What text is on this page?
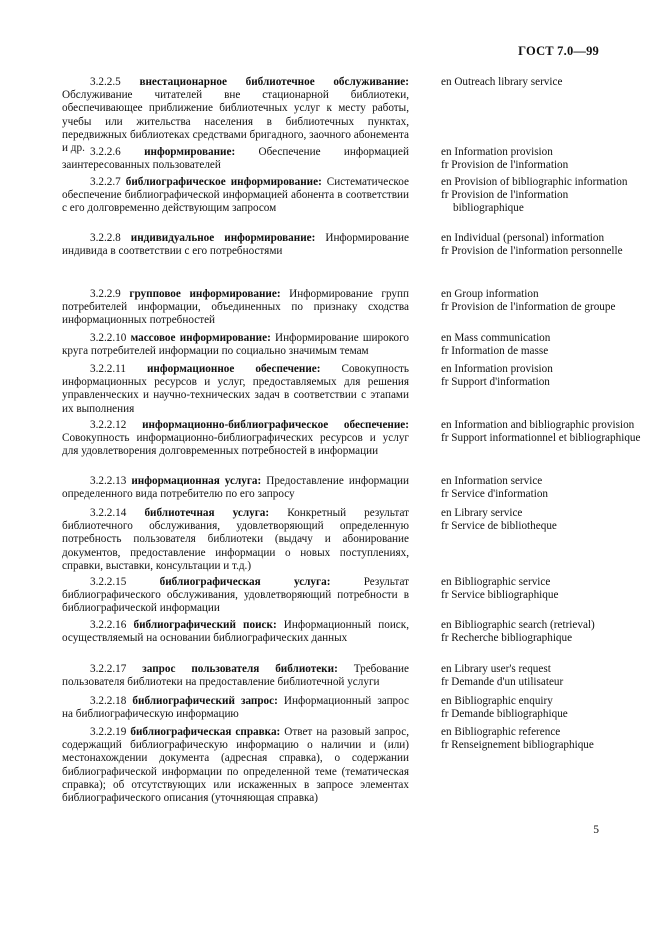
ГОСТ 7.0—99
3.2.2.5 внестационарное библиотечное обслуживание: Обслуживание читателей вне стационарной библиотеки, обеспечивающее приближение библиотечных услуг к месту работы, учебы или жительства населения в библиотечных пунктах, передвижных библиотеках средствами бригадного, заочного абонемента и др.
en Outreach library service
3.2.2.6 информирование: Обеспечение информацией заинтересованных пользователей
en Information provision
fr Provision de l'information
3.2.2.7 библиографическое информирование: Систематическое обеспечение библиографической информацией абонента в соответствии с его долговременно действующим запросом
en Provision of bibliographic information
fr Provision de l'information bibliographique
3.2.2.8 индивидуальное информирование: Информирование индивида в соответствии с его потребностями
en Individual (personal) information
fr Provision de l'information personnelle
3.2.2.9 групповое информирование: Информирование групп потребителей информации, объединенных по признаку сходства информационных потребностей
en Group information
fr Provision de l'information de groupe
3.2.2.10 массовое информирование: Информирование широкого круга потребителей информации по социально значимым темам
en Mass communication
fr Information de masse
3.2.2.11 информационное обеспечение: Совокупность информационных ресурсов и услуг, предоставляемых для решения управленческих и научно-технических задач в соответствии с этапами их выполнения
en Information provision
fr Support d'information
3.2.2.12 информационно-библиографическое обеспечение: Совокупность информационно-библиографических ресурсов и услуг для удовлетворения долговременных потребностей в информации
en Information and bibliographic provision
fr Support informationnel et bibliographique
3.2.2.13 информационная услуга: Предоставление информации определенного вида потребителю по его запросу
en Information service
fr Service d'information
3.2.2.14 библиотечная услуга: Конкретный результат библиотечного обслуживания, удовлетворяющий определенную потребность пользователя библиотеки (выдачу и абонирование документов, предоставление информации о новых поступлениях, справки, выставки, консультации и т.д.)
en Library service
fr Service de bibliotheque
3.2.2.15	библиографическая услуга:	Результат библиографического обслуживания, удовлетворяющий потребности в библиографической информации
en Bibliographic service
fr Service bibliographique
3.2.2.16 библиографический поиск: Информационный поиск, осуществляемый на основании библиографических данных
en Bibliographic search (retrieval)
fr Recherche bibliographique
3.2.2.17 запрос пользователя библиотеки: Требование пользователя библиотеки на предоставление библиотечной услуги
en Library user's request
fr Demande d'un utilisateur
3.2.2.18 библиографический запрос: Информационный запрос на библиографическую информацию
en Bibliographic enquiry
fr Demande bibliographique
3.2.2.19 библиографическая справка: Ответ на разовый запрос, содержащий библиографическую информацию о наличии и (или) местонахождении документа (адресная справка), о содержании библиографической информации по определенной теме (тематическая справка); об отсутствующих или искаженных в запросе элементах библиографического описания (уточняющая справка)
en Bibliographic reference
fr Renseignement bibliographique
5
